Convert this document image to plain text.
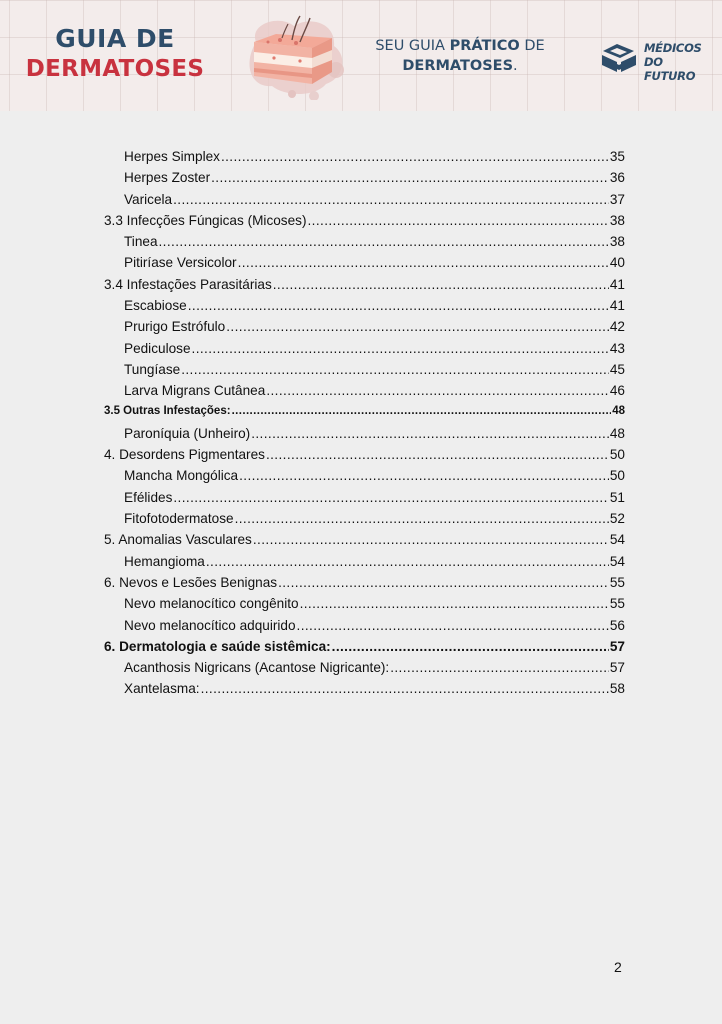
GUIA DE
DERMATOSES
SEU GUIA PRÁTICO DE
DERMATOSES.
MÉDICOS
DO FUTURO
Herpes Simplex .....	35
Herpes Zoster .....	36
Varicela .....	37
3.3 Infecções Fúngicas (Micoses) .....	38
Tinea .....	38
Pitiríase Versicolor .....	40
3.4 Infestações Parasitárias .....	41
Escabiose .....	41
Prurigo Estrófulo .....	42
Pediculose .....	43
Tungíase .....	45
Larva Migrans Cutânea .....	46
3.5 Outras Infestações: .....	48
Paroníquia (Unheiro) .....	48
4. Desordens Pigmentares .....	50
Mancha Mongólica .....	50
Efélides .....	51
Fitofotodermatose .....	52
5. Anomalias Vasculares .....	54
Hemangioma .....	54
6. Nevos e Lesões Benignas .....	55
Nevo melanocítico congênito .....	55
Nevo melanocítico adquirido .....	56
6. Dermatologia e saúde sistêmica: .....	57
Acanthosis Nigricans (Acantose Nigricante): .....	57
Xantelasma: .....	58
2
